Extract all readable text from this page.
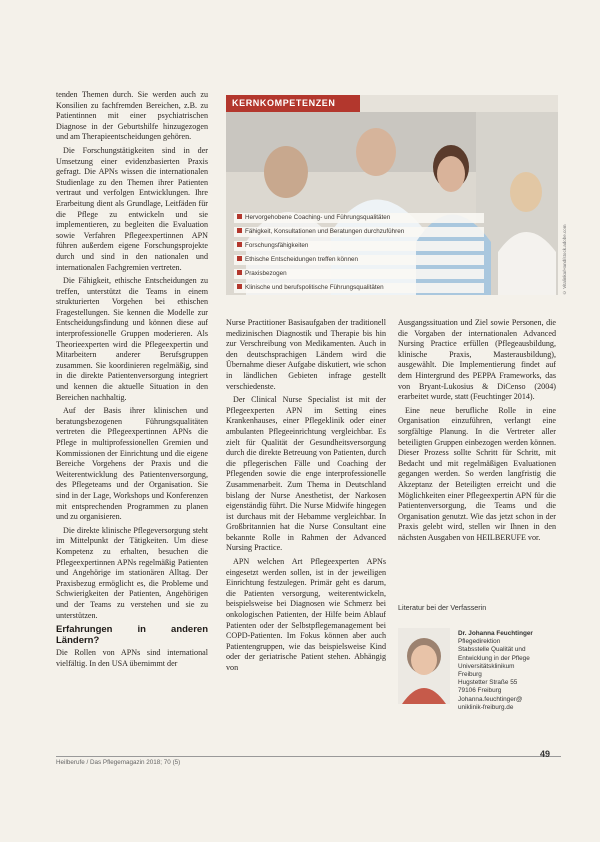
tenden Themen durch. Sie werden auch zu Konsilien zu fachfremden Bereichen, z.B. zu Patientinnen mit einer psychiatrischen Diagnose in der Geburtshilfe hinzugezogen und am Therapieentscheidungen gehören.

Die Forschungstätigkeiten sind in der Umsetzung einer evidenzbasierten Praxis gefragt. Die APNs wissen die internationalen Studienlage zu den Themen ihrer Patienten vertraut und verfolgen Entwicklungen. Ihre Erarbeitung dient als Grundlage, Leitfäden für die Pflege zu entwickeln und sie implementieren, zu begleiten die Evaluation sowie Verfahren Pflegeexpertinnen APN führen außerdem eigene Forschungsprojekte durch und sind in den nationalen und internationalen Fachgremien vertreten.

Die Fähigkeit, ethische Entscheidungen zu treffen, unterstützt die Teams in einem strukturierten Vorgehen bei ethischen Fragestellungen. Sie kennen die Modelle zur Entscheidungsfindung und können diese auf interprofessionelle Gruppen moderieren. Als Theorieexperten wird die Pflegeexpertin und Mitarbeitern anderer Berufsgruppen zusammen. Sie koordinieren regelmäßig, sind in die direkte Patientenversorgung integriert und kennen die aktuelle Situation in den Bereichen nachhaltig.

Auf der Basis ihrer klinischen und beratungsbezogenen Führungsqualitäten vertreten die Pflegeexpertinnen APNs die Pflege in multiprofessionellen Gremien und Kommissionen der Einrichtung und die eigene Bereiche Vorgehens der Praxis und die Weiterentwicklung des Patientenversorgung, des Pflegeteams und der Organisation. Sie sind in der Lage, Workshops und Konferenzen mit entsprechenden Programmen zu planen und zu organisieren.

Die direkte klinische Pflegeversorgung steht im Mittelpunkt der Tätigkeiten. Um diese Kompetenz zu erhalten, besuchen die Pflegeexpertinnen APNs regelmäßig Patienten und Angehörige im stationären Alltag. Der Praxisbezug ermöglicht es, die Probleme und Schwierigkeiten der Patienten, Angehörigen und der Teams zu verstehen und sie zu unterstützen.

Erfahrungen in anderen Ländern?

Die Rollen von APNs sind international vielfältig. In den USA übernimmt der

KERNKOMPETENZEN
Hervorgehobene Coaching- und Führungsqualitäten
Fähigkeit, Konsultationen und Beratungen durchzuführen
Forschungsfähigkeiten
Ethische Entscheidungen treffen können
Praxisbezogen
Klinische und berufspolitische Führungsqualitäten	© Vitalinka/Hand/stock.adobe.com

Nurse Practitioner Basisaufgaben der traditionell medizinischen Diagnostik und Therapie bis hin zur Verschreibung von Medikamenten. Auch in den deutschsprachigen Ländern wird die Übernahme dieser Aufgabe diskutiert, wie schon in ländlichen Gebieten infrage gestellt verschiedenste.

Der Clinical Nurse Specialist ist mit der Pflegeexperten APN im Setting eines Krankenhauses, einer Pflegeklinik oder einer ambulanten Pflegeeinrichtung vergleichbar. Es zielt für Qualität der Gesundheitsversorgung durch die direkte Betreuung von Patienten, durch die pflegerischen Fälle und Coaching der Pflegenden sowie die enge interprofessionelle Zusammenarbeit. Zum Thema in Deutschland bislang der Nurse Anesthetist, der Narkosen eigenständig führt. Die Nurse Midwife hingegen ist durchaus mit der Hebamme vergleichbar. In Großbritannien hat die Nurse Consultant eine bekannte Rolle in Rahmen der Advanced Nursing Practice.

APN welchen Art Pflegeexperten APNs eingesetzt werden sollen, ist in der jeweiligen Einrichtung festzulegen. Primär geht es darum, die Patienten versorgung, weiterentwickeln, beispielsweise bei Diagnosen wie Schmerz bei onkologischen Patienten, der Hilfe beim Ablauf Patienten oder der Selbstpflegemanagement bei COPD-Patienten. Im Fokus können aber auch Patientengruppen, wie das beispielsweise Kind oder der geriatrische Patient stehen. Abhängig von

Ausgangssituation und Ziel sowie Personen, die die Vorgaben der internationalen Advanced Nursing Practice erfüllen (Pflegeausbildung, klinische Praxis, Masterausbildung), ausgewählt. Die Implementierung findet auf dem Hintergrund des PEPPA Frameworks, das von Bryant-Lukosius & DiCenso (2004) erarbeitet wurde, statt (Feuchtinger 2014).

Eine neue berufliche Rolle in eine Organisation einzuführen, verlangt eine sorgfältige Planung. In die Vertreter aller beteiligten Gruppen einbezogen werden können. Dieser Prozess sollte Schritt für Schritt, mit Bedacht und mit regelmäßigen Evaluationen gegangen werden. So werden langfristig die Akzeptanz der Beteiligten erreicht und die Möglichkeiten einer Pflegeexpertin APN für die Patientenversorgung, die Teams und die Organisation genutzt. Wie das jetzt schon in der Praxis gelebt wird, stellen wir Ihnen in den nächsten Ausgaben von HEILBERUFE vor.

Literatur bei der Verfasserin
Dr. Johanna Feuchtinger
Pflegedirektion
Stabsstelle Qualität und
Entwicklung in der Pflege
Universitätsklinikum
Freiburg
Hugstetter Straße 55
79106 Freiburg
Johanna.feuchtinger@
uniklinik-freiburg.de
Heilberufe / Das Pflegemagazin 2018; 70 (5)
49
